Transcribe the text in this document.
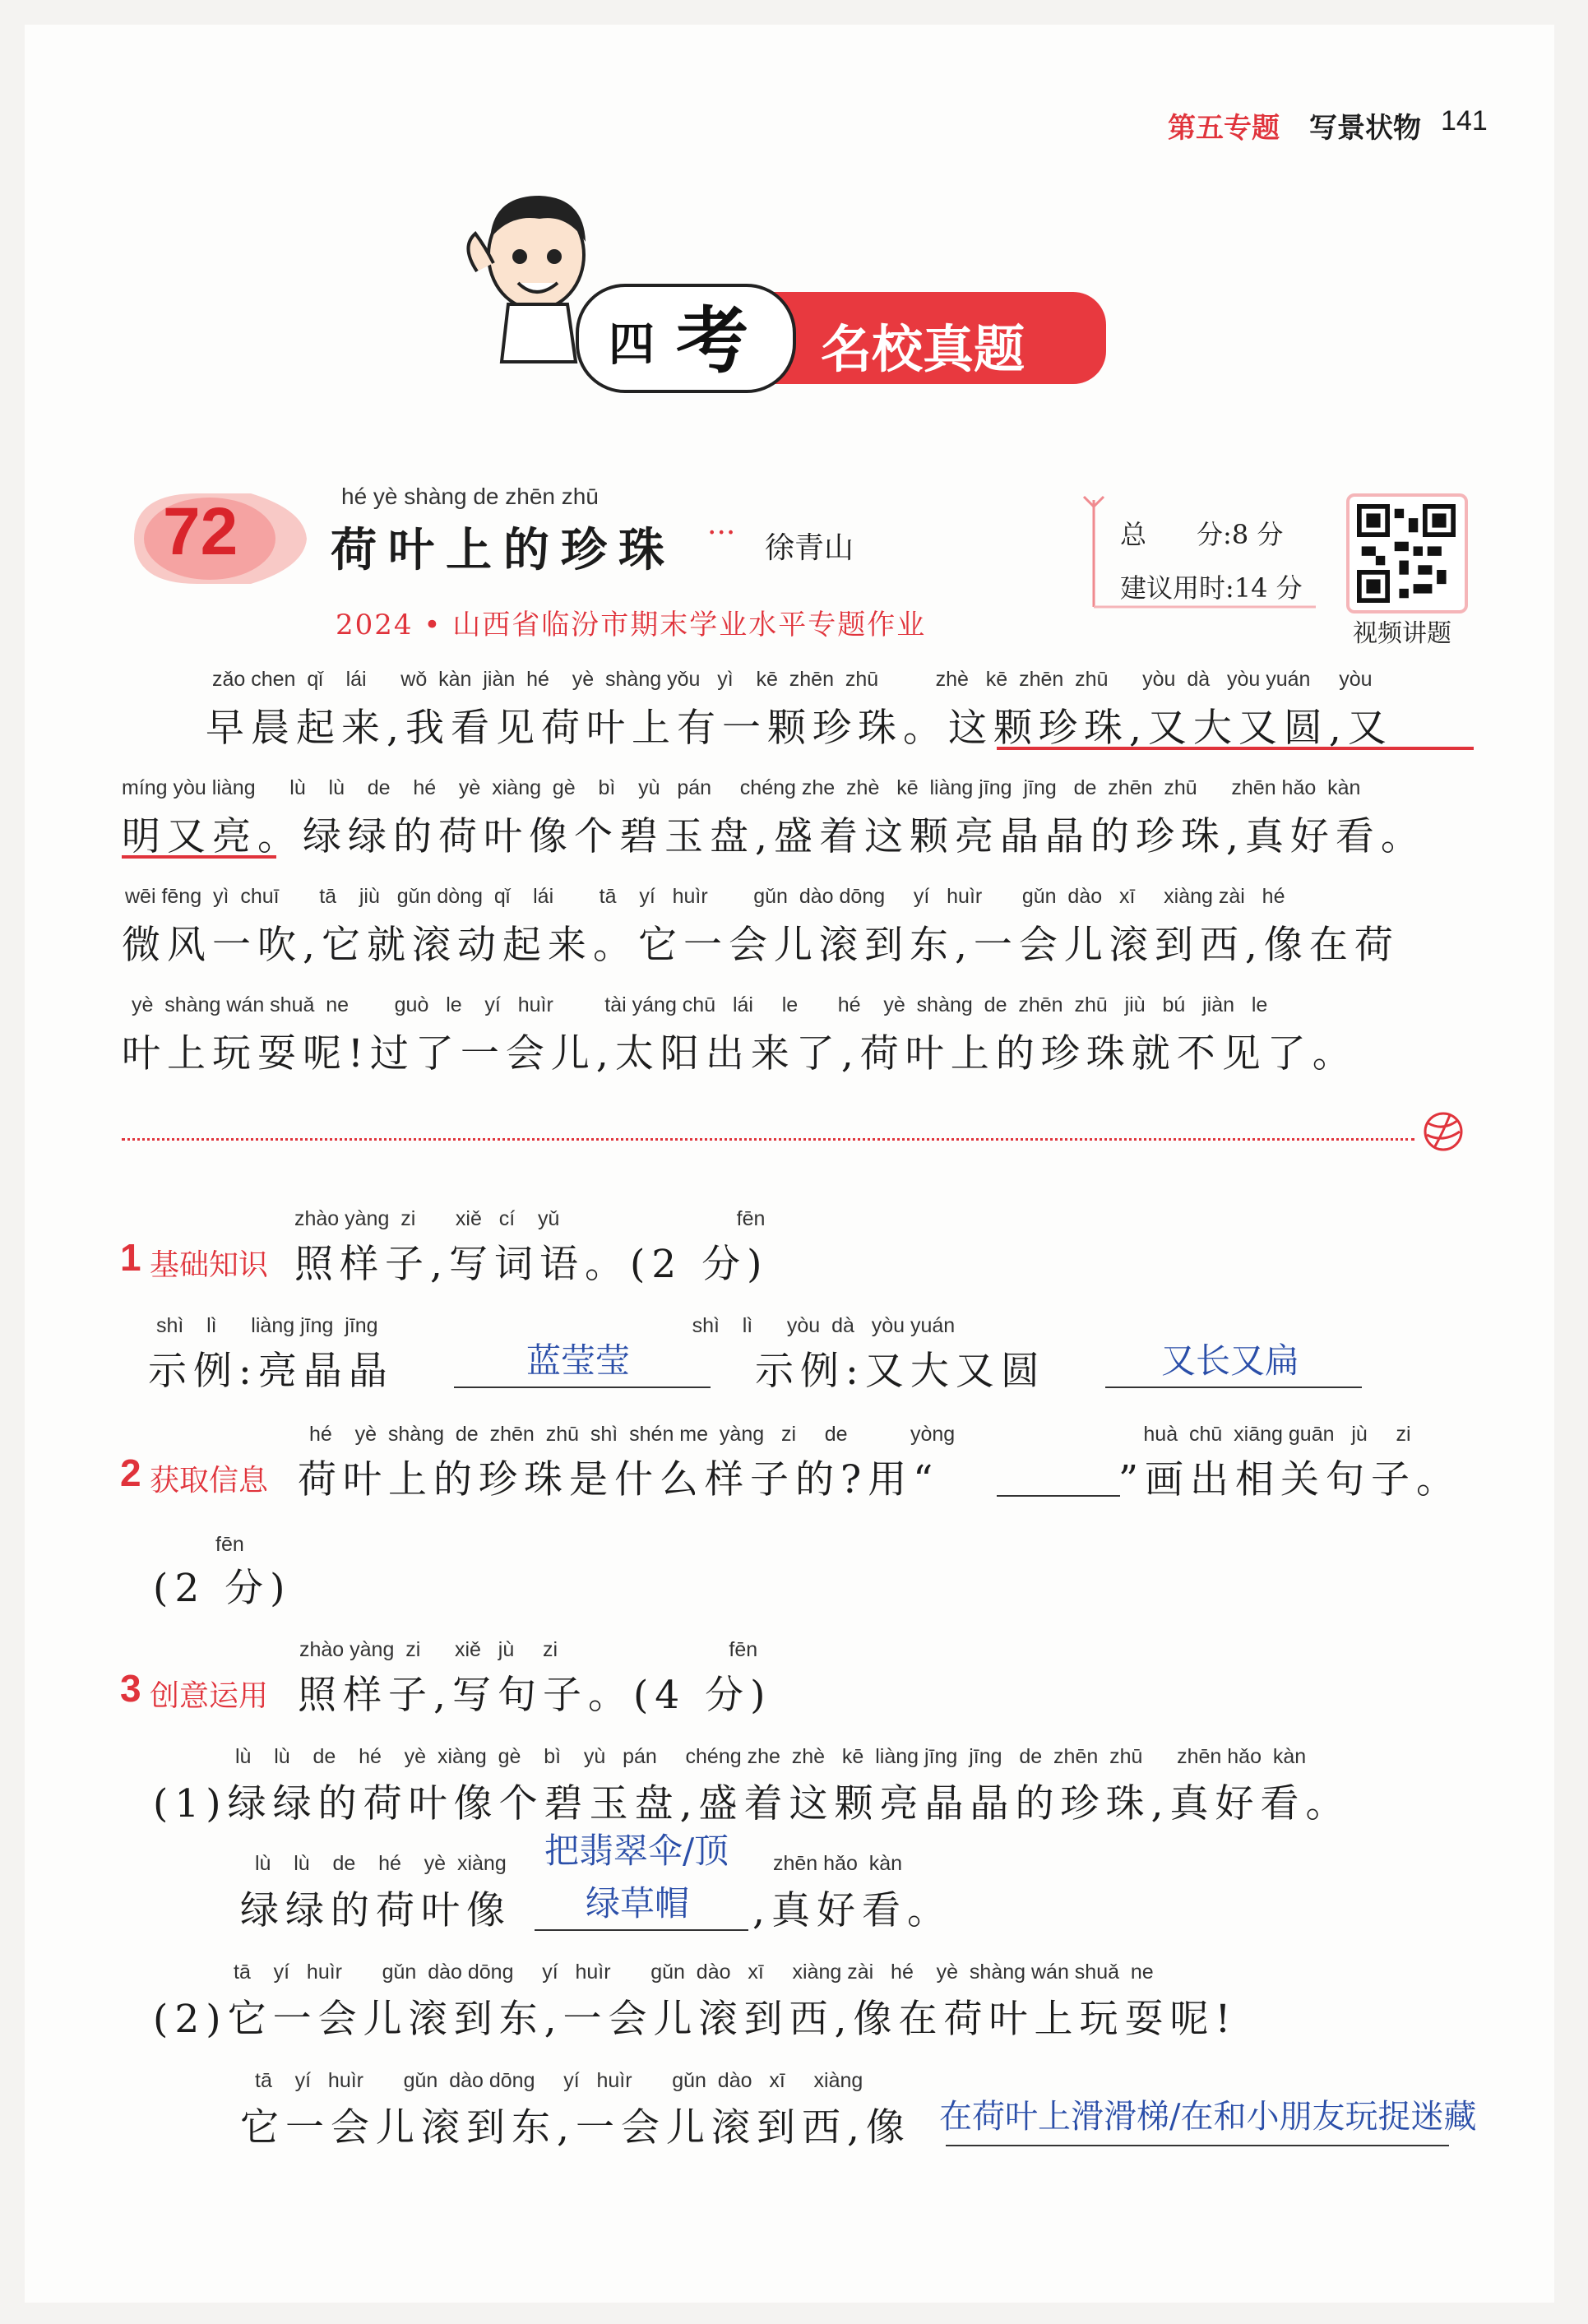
第五专题 写景状物 141
四 考 名校真题
72	hé yè shàng de zhēn zhū
荷叶上的珍珠 ··· 徐青山
2024 • 山西省临汾市期末学业水平专题作业
总      分:8 分
建议用时:14 分
视频讲题
zǎo chen  qǐ    lái      wǒ  kàn  jiàn  hé    yè  shàng yǒu   yì    kē  zhēn  zhū          zhè   kē  zhēn  zhū      yòu  dà   yòu yuán     yòu
早晨起来,我看见荷叶上有一颗珍珠。这颗珍珠,又大又圆,又
míng yòu liàng      lù    lù    de    hé    yè  xiàng  gè    bì    yù   pán     chéng zhe  zhè   kē  liàng jīng  jīng   de  zhēn  zhū      zhēn hǎo  kàn
明又亮。绿绿的荷叶像个碧玉盘,盛着这颗亮晶晶的珍珠,真好看。
wēi fēng  yì  chuī       tā    jiù   gǔn dòng  qǐ    lái        tā    yí   huìr        gǔn  dào dōng     yí   huìr       gǔn  dào   xī     xiàng zài   hé
微风一吹,它就滚动起来。它一会儿滚到东,一会儿滚到西,像在荷
yè  shàng wán shuǎ  ne        guò   le    yí   huìr         tài yáng chū   lái     le       hé    yè  shàng  de  zhēn  zhū   jiù   bú   jiàn   le
叶上玩耍呢!过了一会儿,太阳出来了,荷叶上的珍珠就不见了。
zhào yàng  zi       xiě   cí    yǔ                               fēn
1 基础知识 照样子,写词语。(2 分)
shì    lì      liàng jīng  jīng                                                       shì    lì      yòu  dà   yòu yuán
示例:亮晶晶	蓝莹莹	示例:又大又圆	又长又扁
hé    yè  shàng  de  zhēn  zhū  shì  shén me  yàng   zi     de           yòng                                 huà  chū  xiāng guān   jù     zi
2 获取信息 荷叶上的珍珠是什么样子的?用“	”画出相关句子。
fēn
(2 分)
zhào yàng  zi      xiě   jù     zi                              fēn
3 创意运用 照样子,写句子。(4 分)
lù    lù    de    hé    yè  xiàng  gè    bì    yù   pán     chéng zhe  zhè   kē  liàng jīng  jīng   de  zhēn  zhū      zhēn hǎo  kàn
(1)绿绿的荷叶像个碧玉盘,盛着这颗亮晶晶的珍珠,真好看。
lù    lù    de    hé    yè  xiàng 把翡翠伞/顶 zhēn hǎo  kàn
绿绿的荷叶像 绿草帽 ,真好看。
tā    yí   huìr       gǔn  dào dōng     yí   huìr       gǔn  dào   xī     xiàng zài   hé    yè  shàng wán shuǎ  ne
(2)它一会儿滚到东,一会儿滚到西,像在荷叶上玩耍呢!
tā    yí   huìr       gǔn  dào dōng     yí   huìr       gǔn  dào   xī     xiàng
它一会儿滚到东,一会儿滚到西,像 在荷叶上滑滑梯/在和小朋友玩捉迷藏
